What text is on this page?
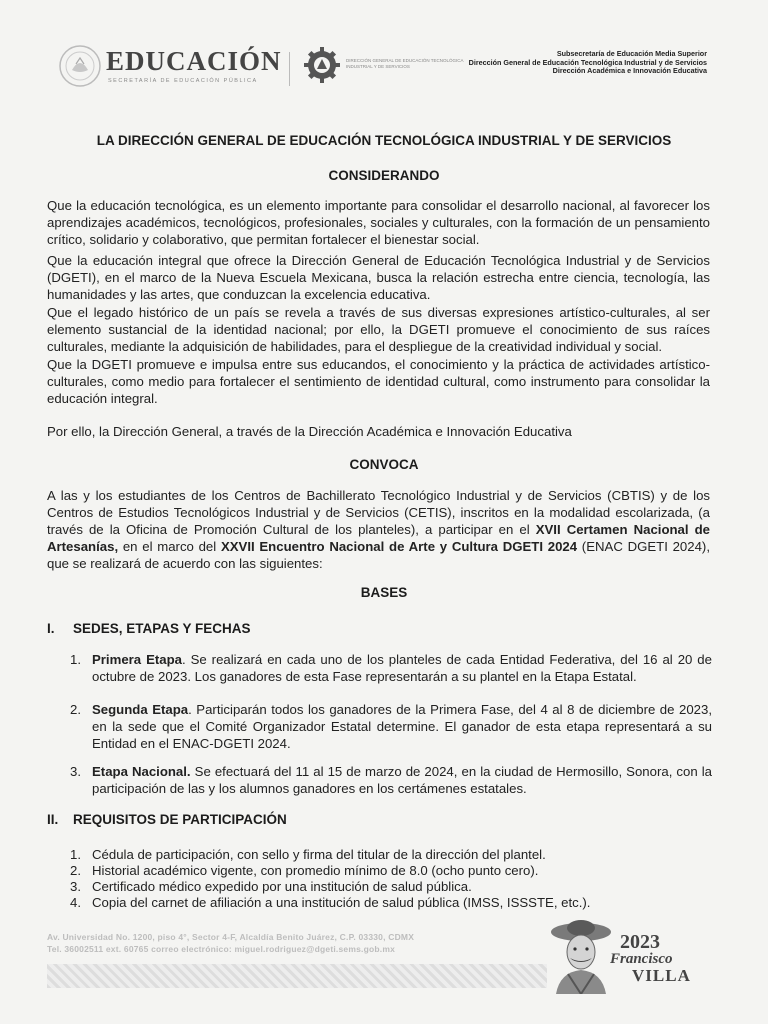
EDUCACIÓN
SECRETARÍA DE EDUCACIÓN PÚBLICA
DIRECCIÓN GENERAL DE EDUCACIÓN TECNOLÓGICA INDUSTRIAL Y DE SERVICIOS
Subsecretaría de Educación Media Superior
Dirección General de Educación Tecnológica Industrial y de Servicios
Dirección Académica e Innovación Educativa
LA DIRECCIÓN GENERAL DE EDUCACIÓN TECNOLÓGICA INDUSTRIAL Y DE SERVICIOS
CONSIDERANDO
Que la educación tecnológica, es un elemento importante para consolidar el desarrollo nacional, al favorecer los aprendizajes académicos, tecnológicos, profesionales, sociales y culturales, con la formación de un pensamiento crítico, solidario y colaborativo, que permitan fortalecer el bienestar social.
Que la educación integral que ofrece la Dirección General de Educación Tecnológica Industrial y de Servicios (DGETI), en el marco de la Nueva Escuela Mexicana, busca la relación estrecha entre ciencia, tecnología, las humanidades y las artes, que conduzcan la excelencia educativa.
Que el legado histórico de un país se revela a través de sus diversas expresiones artístico-culturales, al ser elemento sustancial de la identidad nacional; por ello, la DGETI promueve el conocimiento de sus raíces culturales, mediante la adquisición de habilidades, para el despliegue de la creatividad individual y social.
Que la DGETI promueve e impulsa entre sus educandos, el conocimiento y la práctica de actividades artístico-culturales, como medio para fortalecer el sentimiento de identidad cultural, como instrumento para consolidar la educación integral.
Por ello, la Dirección General, a través de la Dirección Académica e Innovación Educativa
CONVOCA
A las y los estudiantes de los Centros de Bachillerato Tecnológico Industrial y de Servicios (CBTIS) y de los Centros de Estudios Tecnológicos Industrial y de Servicios (CETIS), inscritos en la modalidad escolarizada, (a través de la Oficina de Promoción Cultural de los planteles), a participar en el XVII Certamen Nacional de Artesanías, en el marco del XXVII Encuentro Nacional de Arte y Cultura DGETI 2024 (ENAC DGETI 2024), que se realizará de acuerdo con las siguientes:
BASES
I. SEDES, ETAPAS Y FECHAS
1. Primera Etapa. Se realizará en cada uno de los planteles de cada Entidad Federativa, del 16 al 20 de octubre de 2023. Los ganadores de esta Fase representarán a su plantel en la Etapa Estatal.
2. Segunda Etapa. Participarán todos los ganadores de la Primera Fase, del 4 al 8 de diciembre de 2023, en la sede que el Comité Organizador Estatal determine. El ganador de esta etapa representará a su Entidad en el ENAC-DGETI 2024.
3. Etapa Nacional. Se efectuará del 11 al 15 de marzo de 2024, en la ciudad de Hermosillo, Sonora, con la participación de las y los alumnos ganadores en los certámenes estatales.
II. REQUISITOS DE PARTICIPACIÓN
1. Cédula de participación, con sello y firma del titular de la dirección del plantel.
2. Historial académico vigente, con promedio mínimo de 8.0 (ocho punto cero).
3. Certificado médico expedido por una institución de salud pública.
4. Copia del carnet de afiliación a una institución de salud pública (IMSS, ISSSTE, etc.).
Av. Universidad No. 1200, piso 4°, Sector 4-F, Alcaldía Benito Juárez, C.P. 03330, CDMX
Tel. 36002511 ext. 60765 correo electrónico: miguel.rodriguez@dgeti.sems.gob.mx	2023
Francisco
VILLA
